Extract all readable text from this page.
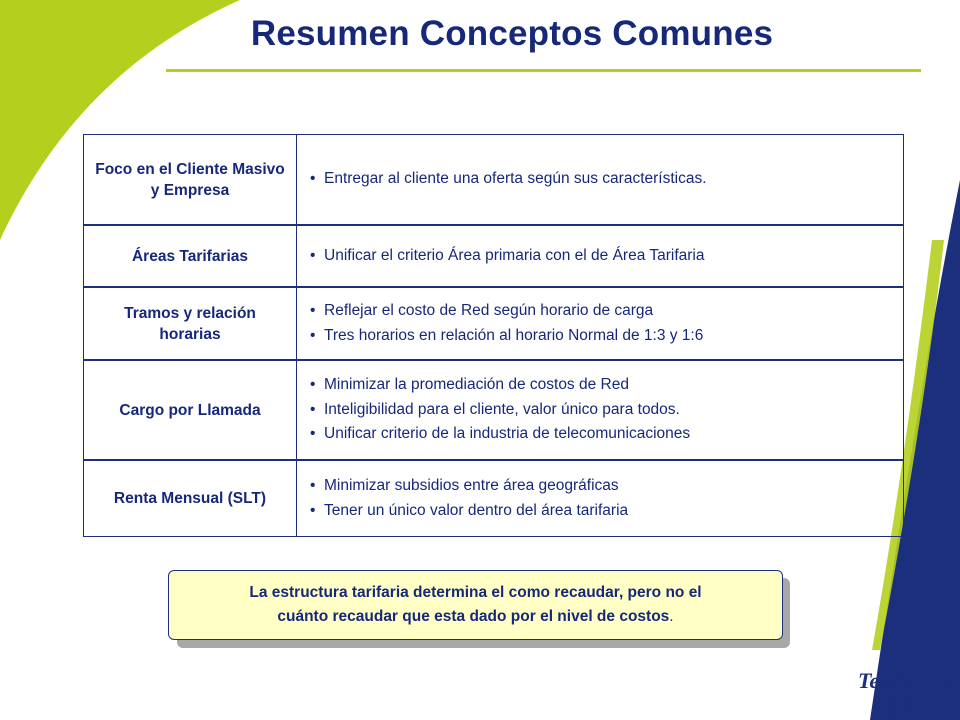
Resumen Conceptos Comunes
Foco en el Cliente Masivo y Empresa
• Entregar al cliente una oferta según sus características.
Áreas Tarifarias	• Unificar el criterio Área primaria con el de Área Tarifaria
Tramos y relación horarias
• Reflejar el costo de Red según horario de carga
• Tres horarios en relación al horario Normal de 1:3 y 1:6
Cargo por Llamada
• Minimizar la promediación de costos de Red
• Inteligibilidad para el cliente, valor único para todos.
• Unificar criterio de la industria de telecomunicaciones
Renta Mensual (SLT)
• Minimizar subsidios entre área geográficas
• Tener un único valor dentro del área tarifaria
La estructura tarifaria determina el como recaudar, pero no el
cuánto recaudar que esta dado por el nivel de costos.
Telefónica
CTC CHILE
